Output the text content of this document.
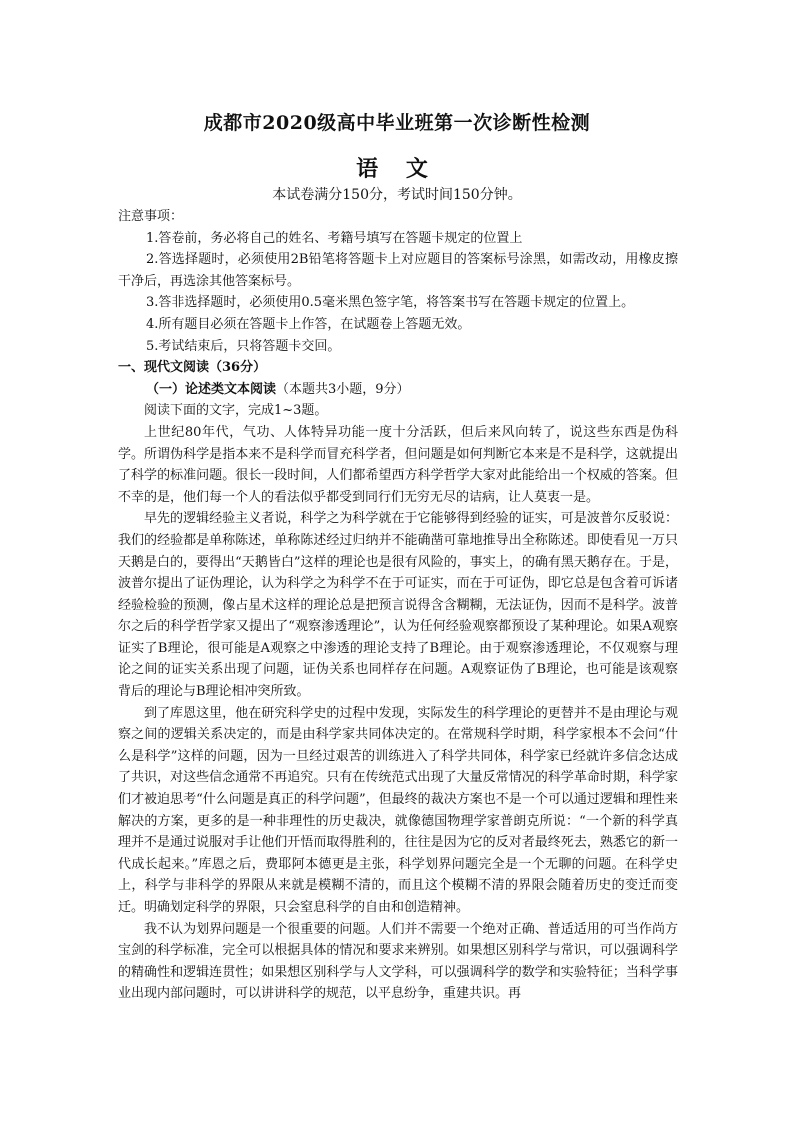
成都市2020级高中毕业班第一次诊断性检测
语 文
本试卷满分150分，考试时间150分钟。

注意事项：

1.答卷前，务必将自己的姓名、考籍号填写在答题卡规定的位置上

2.答选择题时，必须使用2B铅笔将答题卡上对应题目的答案标号涂黑，如需改动，用橡皮擦干净后，再选涂其他答案标号。

3.答非选择题时，必须使用0.5毫米黑色签字笔，将答案书写在答题卡规定的位置上。

4.所有题目必须在答题卡上作答，在试题卷上答题无效。

5.考试结束后，只将答题卡交回。

一、现代文阅读（36分）

（一）论述类文本阅读（本题共3小题，9分）

阅读下面的文字，完成1~3题。

上世纪80年代，气功、人体特异功能一度十分活跃，但后来风向转了，说这些东西是伪科学。所谓伪科学是指本来不是科学而冒充科学者，但问题是如何判断它本来是不是科学，这就提出了科学的标准问题。很长一段时间，人们都希望西方科学哲学大家对此能给出一个权威的答案。但不幸的是，他们每一个人的看法似乎都受到同行们无穷无尽的诘病，让人莫衷一是。

早先的逻辑经验主义者说，科学之为科学就在于它能够得到经验的证实，可是波普尔反驳说：我们的经验都是单称陈述，单称陈述经过归纳并不能确凿可靠地推导出全称陈述。即使看见一万只天鹅是白的，要得出“天鹅皆白”这样的理论也是很有风险的，事实上，的确有黑天鹅存在。于是，波普尔提出了证伪理论，认为科学之为科学不在于可证实，而在于可证伪，即它总是包含着可诉诸经验检验的预测，像占星术这样的理论总是把预言说得含含糊糊，无法证伪，因而不是科学。波普尔之后的科学哲学家又提出了“观察渗透理论”，认为任何经验观察都预设了某种理论。如果A观察证实了B理论，很可能是A观察之中渗透的理论支持了B理论。由于观察渗透理论，不仅观察与理论之间的证实关系出现了问题，证伪关系也同样存在问题。A观察证伪了B理论，也可能是该观察背后的理论与B理论相冲突所致。

到了库恩这里，他在研究科学史的过程中发现，实际发生的科学理论的更替并不是由理论与观察之间的逻辑关系决定的，而是由科学家共同体决定的。在常规科学时期，科学家根本不会问“什么是科学”这样的问题，因为一旦经过艰苦的训练进入了科学共同体，科学家已经就许多信念达成了共识，对这些信念通常不再追究。只有在传统范式出现了大量反常情况的科学革命时期，科学家们才被迫思考“什么问题是真正的科学问题”，但最终的裁决方案也不是一个可以通过逻辑和理性来解决的方案，更多的是一种非理性的历史裁决，就像德国物理学家普朗克所说：“一个新的科学真理并不是通过说服对手让他们开悟而取得胜利的，往往是因为它的反对者最终死去，熟悉它的新一代成长起来。”库恩之后，费耶阿本德更是主张，科学划界问题完全是一个无聊的问题。在科学史上，科学与非科学的界限从来就是模糊不清的，而且这个模糊不清的界限会随着历史的变迁而变迁。明确划定科学的界限，只会窒息科学的自由和创造精神。

我不认为划界问题是一个很重要的问题。人们并不需要一个绝对正确、普适适用的可当作尚方宝剑的科学标准，完全可以根据具体的情况和要求来辨别。如果想区别科学与常识，可以强调科学的精确性和逻辑连贯性；如果想区别科学与人文学科，可以强调科学的数学和实验特征；当科学事业出现内部问题时，可以讲讲科学的规范，以平息纷争，重建共识。再
